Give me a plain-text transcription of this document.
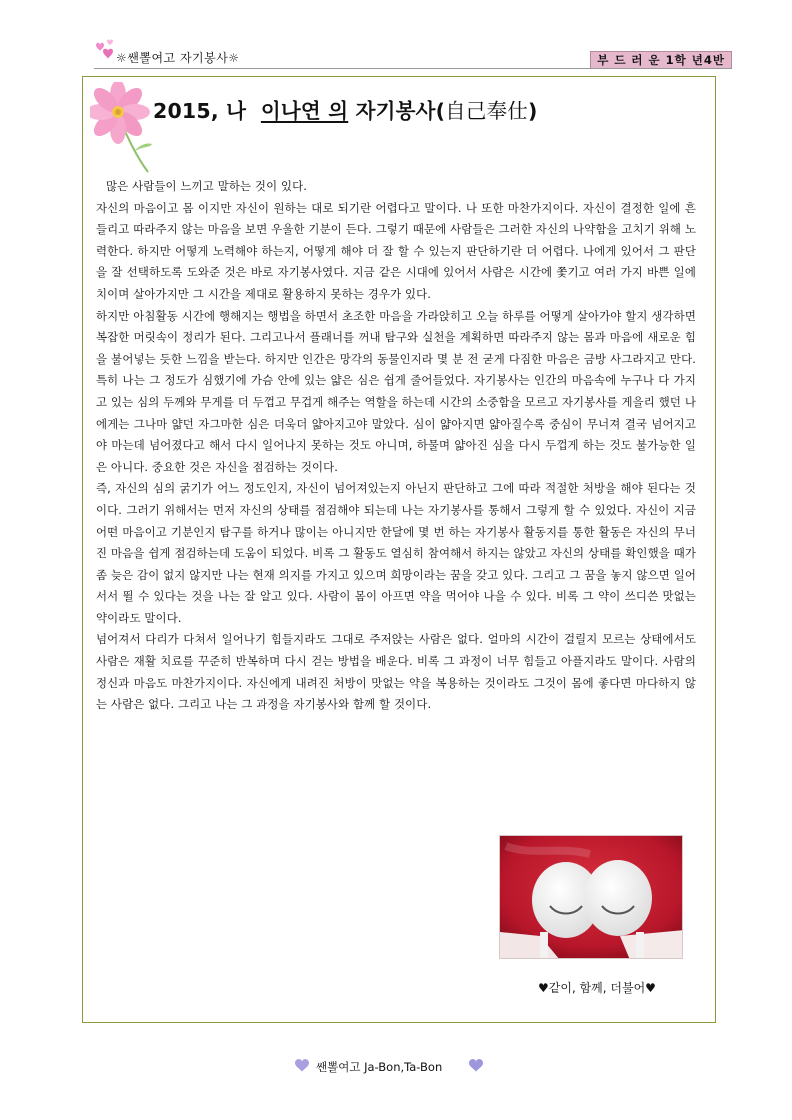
☼쌘뽈여고 자기봉사☼	부 드 러 운 1학 년4반
2015, 나 이나연 의 자기봉사(自己奉仕)

많은 사람들이 느끼고 말하는 것이 있다.

자신의 마음이고 몸 이지만 자신이 원하는 대로 되기란 어렵다고 말이다. 나 또한 마찬가지이다. 자신이 결정한 일에 흔들리고 따라주지 않는 마음을 보면 우울한 기분이 든다. 그렇기 때문에 사람들은 그러한 자신의 나약함을 고치기 위해 노력한다. 하지만 어떻게 노력해야 하는지, 어떻게 해야 더 잘 할 수 있는지 판단하기란 더 어렵다. 나에게 있어서 그 판단을 잘 선택하도록 도와준 것은 바로 자기봉사였다. 지금 같은 시대에 있어서 사람은 시간에 쫓기고 여러 가지 바쁜 일에 치이며 살아가지만 그 시간을 제대로 활용하지 못하는 경우가 있다.

하지만 아침활동 시간에 행해지는 행법을 하면서 초조한 마음을 가라앉히고 오늘 하루를 어떻게 살아가야 할지 생각하면 복잡한 머릿속이 정리가 된다. 그리고나서 플래너를 꺼내 탐구와 실천을 계획하면 따라주지 않는 몸과 마음에 새로운 힘을 불어넣는 듯한 느낌을 받는다. 하지만 인간은 망각의 동물인지라 몇 분 전 굳게 다짐한 마음은 금방 사그라지고 만다. 특히 나는 그 정도가 심했기에 가슴 안에 있는 얇은 심은 쉽게 줄어들었다. 자기봉사는 인간의 마음속에 누구나 다 가지고 있는 심의 두께와 무게를 더 두껍고 무겁게 해주는 역할을 하는데 시간의 소중함을 모르고 자기봉사를 게을리 했던 나에게는 그나마 얇던 자그마한 심은 더욱더 얇아지고야 말았다. 심이 얇아지면 얇아질수록 중심이 무너져 결국 넘어지고야 마는데 넘어졌다고 해서 다시 일어나지 못하는 것도 아니며, 하물며 얇아진 심을 다시 두껍게 하는 것도 불가능한 일은 아니다. 중요한 것은 자신을 점검하는 것이다.

즉, 자신의 심의 굵기가 어느 정도인지, 자신이 넘어져있는지 아닌지 판단하고 그에 따라 적절한 처방을 해야 된다는 것이다. 그러기 위해서는 먼저 자신의 상태를 점검해야 되는데 나는 자기봉사를 통해서 그렇게 할 수 있었다. 자신이 지금 어떤 마음이고 기분인지 탐구를 하거나 많이는 아니지만 한달에 몇 번 하는 자기봉사 활동지를 통한 활동은 자신의 무너진 마음을 쉽게 점검하는데 도움이 되었다. 비록 그 활동도 열심히 참여해서 하지는 않았고 자신의 상태를 확인했을 때가 좀 늦은 감이 없지 않지만 나는 현재 의지를 가지고 있으며 희망이라는 꿈을 갖고 있다. 그리고 그 꿈을 놓지 않으면 일어서서 뛸 수 있다는 것을 나는 잘 알고 있다. 사람이 몸이 아프면 약을 먹어야 나을 수 있다. 비록 그 약이 쓰디쓴 맛없는 약이라도 말이다.

넘어져서 다리가 다쳐서 일어나기 힘들지라도 그대로 주저앉는 사람은 없다. 얼마의 시간이 걸릴지 모르는 상태에서도 사람은 재활 치료를 꾸준히 반복하며 다시 걷는 방법을 배운다. 비록 그 과정이 너무 힘들고 아플지라도 말이다. 사람의 정신과 마음도 마찬가지이다. 자신에게 내려진 처방이 맛없는 약을 복용하는 것이라도 그것이 몸에 좋다면 마다하지 않는 사람은 없다. 그리고 나는 그 과정을 자기봉사와 함께 할 것이다.

♥같이, 함께, 더불어♥
쌘뽈여고 Ja-Bon,Ta-Bon
